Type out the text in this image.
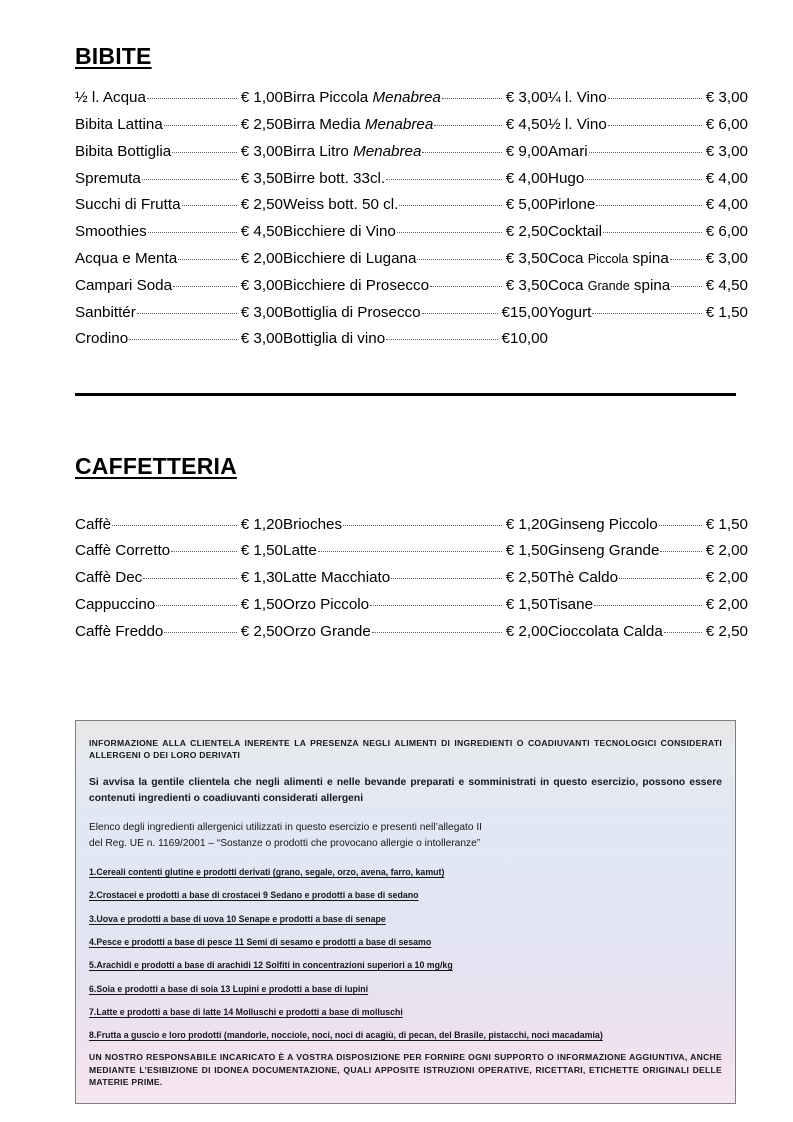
BIBITE
½ l. Acqua	€ 1,00
Bibita Lattina	€ 2,50
Bibita Bottiglia	€ 3,00
Spremuta	€ 3,50
Succhi di Frutta	€ 2,50
Smoothies	€ 4,50
Acqua e Menta	€ 2,00
Campari Soda	€ 3,00
Sanbittér	€ 3,00
Crodino	€ 3,00
Birra Piccola Menabrea	€ 3,00
Birra Media Menabrea	€ 4,50
Birra Litro Menabrea	€ 9,00
Birre bott. 33cl.	€ 4,00
Weiss bott. 50 cl.	€ 5,00
Bicchiere di Vino	€ 2,50
Bicchiere di Lugana	€ 3,50
Bicchiere di Prosecco	€ 3,50
Bottiglia di Prosecco	€15,00
Bottiglia di vino	€10,00
¼ l. Vino	€ 3,00
½ l. Vino	€ 6,00
Amari	€ 3,00
Hugo	€ 4,00
Pirlone	€ 4,00
Cocktail	€ 6,00
Coca Piccola spina € 3,00
Coca Grande spina € 4,50
Yogurt	€ 1,50
CAFFETTERIA
Caffè	€ 1,20
Caffè Corretto	€ 1,50
Caffè Dec	€ 1,30
Cappuccino	€ 1,50
Caffè Freddo	€ 2,50
Brioches	€ 1,20
Latte	€ 1,50
Latte Macchiato	€ 2,50
Orzo Piccolo	€ 1,50
Orzo Grande	€ 2,00
Ginseng Piccolo	€ 1,50
Ginseng Grande	€ 2,00
Thè Caldo	€ 2,00
Tisane	€ 2,00
Cioccolata Calda	€ 2,50

INFORMAZIONE ALLA CLIENTELA INERENTE LA PRESENZA NEGLI ALIMENTI DI INGREDIENTI O COADIUVANTI TECNOLOGICI CONSIDERATI ALLERGENI O DEI LORO DERIVATI

Si avvisa la gentile clientela che negli alimenti e nelle bevande preparati e somministrati in questo esercizio, possono essere contenuti ingredienti o coadiuvanti considerati allergeni

Elenco degli ingredienti allergenici utilizzati in questo esercizio e presenti nell’allegato II

del Reg. UE n. 1169/2001 – “Sostanze o prodotti che provocano allergie o intolleranze”

1.Cereali contenti glutine e prodotti derivati (grano, segale, orzo, avena, farro, kamut)

2.Crostacei e prodotti a base di crostacei 9 Sedano e prodotti a base di sedano

3.Uova e prodotti a base di uova 10 Senape e prodotti a base di senape

4.Pesce e prodotti a base di pesce 11 Semi di sesamo e prodotti a base di sesamo

5.Arachidi e prodotti a base di arachidi 12 Solfiti in concentrazioni superiori a 10 mg/kg

6.Soia e prodotti a base di soia 13 Lupini e prodotti a base di lupini

7.Latte e prodotti a base di latte 14 Molluschi e prodotti a base di molluschi

8.Frutta a guscio e loro prodotti (mandorle, nocciole, noci, noci di acagiù, di pecan, del Brasile, pistacchi, noci macadamia)

UN NOSTRO RESPONSABILE INCARICATO È A VOSTRA DISPOSIZIONE PER FORNIRE OGNI SUPPORTO O INFORMAZIONE AGGIUNTIVA, ANCHE MEDIANTE L’ESIBIZIONE DI IDONEA DOCUMENTAZIONE, QUALI APPOSITE ISTRUZIONI OPERATIVE, RICETTARI, ETICHETTE ORIGINALI DELLE MATERIE PRIME.
